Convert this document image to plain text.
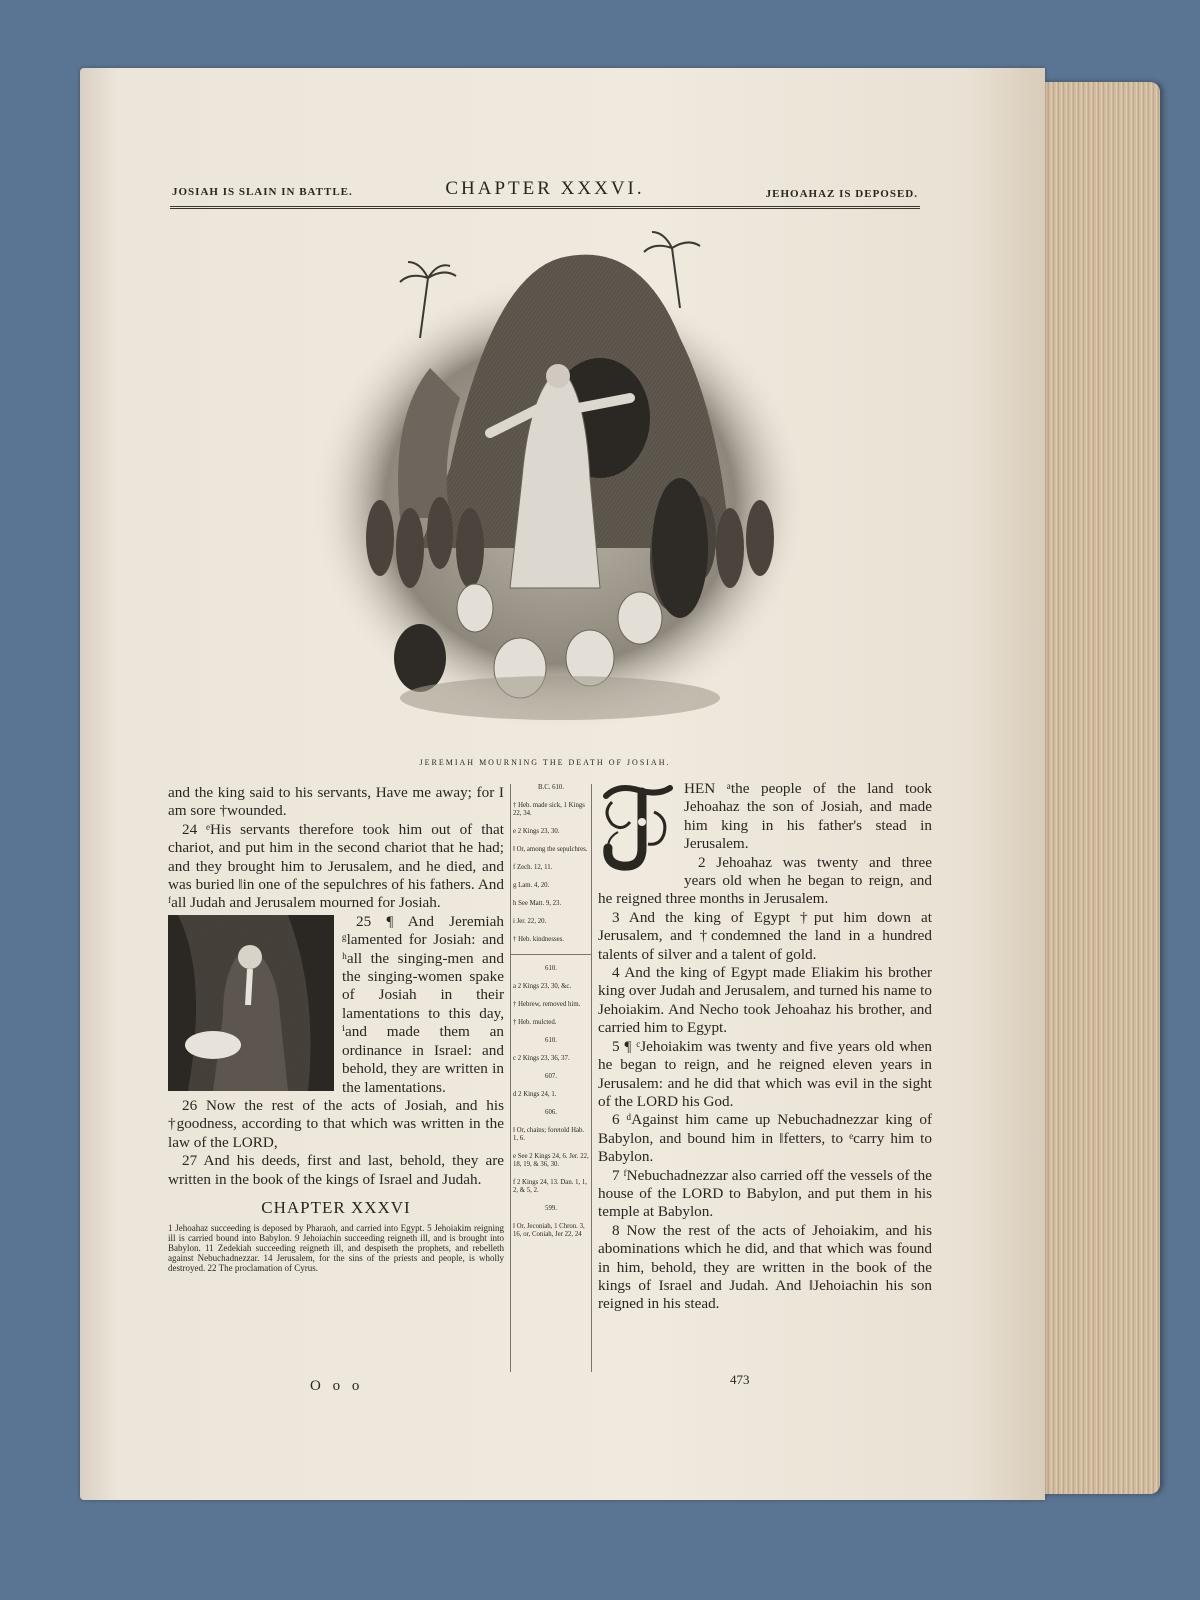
JOSIAH IS SLAIN IN BATTLE.	CHAPTER XXXVI.	JEHOAHAZ IS DEPOSED.
JEREMIAH MOURNING THE DEATH OF JOSIAH.

and the king said to his servants, Have me away; for I am sore †wounded.

24 ᵉHis servants therefore took him out of that chariot, and put him in the second chariot that he had; and they brought him to Jerusalem, and he died, and was buried ‖in one of the sepulchres of his fathers. And ᶠall Judah and Jerusalem mourned for Josiah.

25 ¶ And Jeremiah ᵍlamented for Josiah: and ʰall the singing-men and the singing-women spake of Josiah in their lamentations to this day, ⁱand made them an ordinance in Israel: and behold, they are written in the lamentations.

26 Now the rest of the acts of Josiah, and his †goodness, according to that which was written in the law of the LORD,

27 And his deeds, first and last, behold, they are written in the book of the kings of Israel and Judah.

CHAPTER XXXVI
1 Jehoahaz succeeding is deposed by Pharaoh, and carried into Egypt. 5 Jehoiakim reigning ill is carried bound into Babylon. 9 Jehoiachin succeeding reigneth ill, and is brought into Babylon. 11 Zedekiah succeeding reigneth ill, and despiseth the prophets, and rebelleth against Nebuchadnezzar. 14 Jerusalem, for the sins of the priests and people, is wholly destroyed. 22 The proclamation of Cyrus.
B.C. 610.
† Heb. made sick, 1 Kings 22, 34.
e 2 Kings 23, 30.
‖ Or, among the sepulchres.
f Zech. 12, 11.
g Lam. 4, 20.
h See Matt. 9, 23.
i Jer. 22, 20.
† Heb. kindnesses.
610.
a 2 Kings 23, 30, &c.
† Hebrew, removed him.
† Heb. mulcted.
610.
c 2 Kings 23, 36, 37.
607.
d 2 Kings 24, 1.
606.
‖ Or, chains; foretold Hab. 1, 6.
e See 2 Kings 24, 6. Jer. 22, 18, 19, & 36, 30.
f 2 Kings 24, 13. Dan. 1, 1, 2, & 5, 2.
599.
‖ Or, Jeconiah, 1 Chron. 3, 16, or, Coniah, Jer 22, 24

HEN ᵃthe people of the land took Jehoahaz the son of Josiah, and made him king in his father's stead in Jerusalem.

2 Jehoahaz was twenty and three years old when he began to reign, and he reigned three months in Jerusalem.

3 And the king of Egypt †put him down at Jerusalem, and †condemned the land in a hundred talents of silver and a talent of gold.

4 And the king of Egypt made Eliakim his brother king over Judah and Jerusalem, and turned his name to Jehoiakim. And Necho took Jehoahaz his brother, and carried him to Egypt.

5 ¶ ᶜJehoiakim was twenty and five years old when he began to reign, and he reigned eleven years in Jerusalem: and he did that which was evil in the sight of the LORD his God.

6 ᵈAgainst him came up Nebuchadnezzar king of Babylon, and bound him in ‖fetters, to ᵉcarry him to Babylon.

7 ᶠNebuchadnezzar also carried off the vessels of the house of the LORD to Babylon, and put them in his temple at Babylon.

8 Now the rest of the acts of Jehoiakim, and his abominations which he did, and that which was found in him, behold, they are written in the book of the kings of Israel and Judah. And ‖Jehoiachin his son reigned in his stead.

O o o	473
